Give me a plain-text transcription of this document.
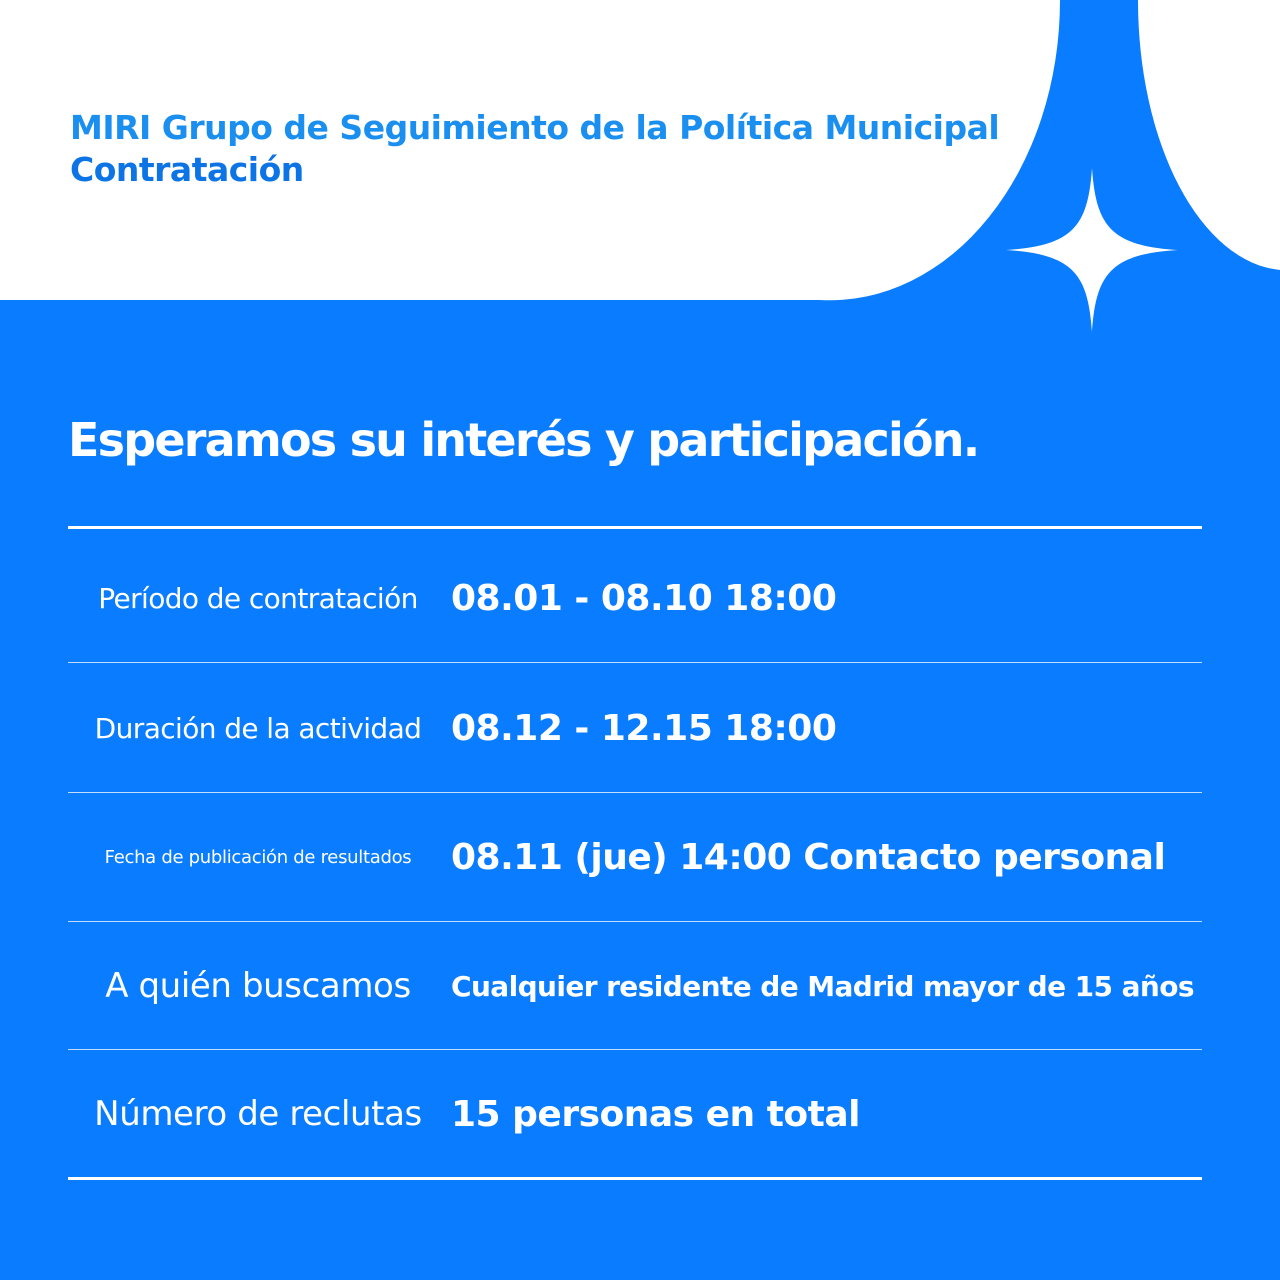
MIRI Grupo de Seguimiento de la Política Municipal
Contratación
Esperamos su interés y participación.
Período de contratación 08.01 - 08.10 18:00
Duración de la actividad 08.12 - 12.15 18:00
Fecha de publicación de resultados	08.11 (jue) 14:00 Contacto personal
A quién buscamos	Cualquier residente de Madrid mayor de 15 años
Número de reclutas 15 personas en total
